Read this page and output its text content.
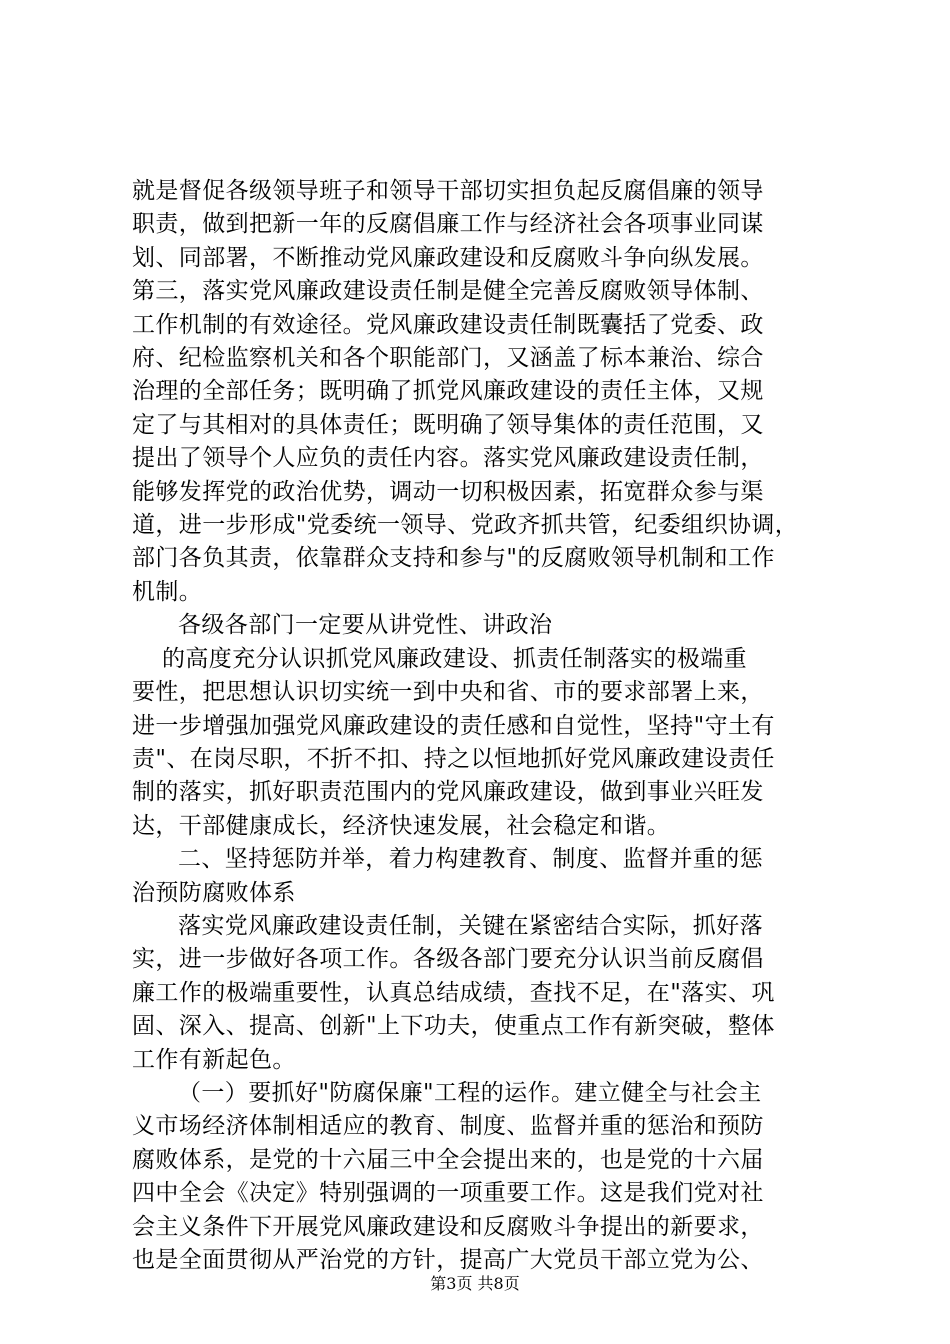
就是督促各级领导班子和领导干部切实担负起反腐倡廉的领导
职责，做到把新一年的反腐倡廉工作与经济社会各项事业同谋
划、同部署，不断推动党风廉政建设和反腐败斗争向纵发展。
第三，落实党风廉政建设责任制是健全完善反腐败领导体制、
工作机制的有效途径。党风廉政建设责任制既囊括了党委、政
府、纪检监察机关和各个职能部门，又涵盖了标本兼治、综合
治理的全部任务；既明确了抓党风廉政建设的责任主体，又规
定了与其相对的具体责任；既明确了领导集体的责任范围，又
提出了领导个人应负的责任内容。落实党风廉政建设责任制，
能够发挥党的政治优势，调动一切积极因素，拓宽群众参与渠
道，进一步形成"党委统一领导、党政齐抓共管，纪委组织协调，
部门各负其责，依靠群众支持和参与"的反腐败领导机制和工作
机制。
各级各部门一定要从讲党性、讲政治
的高度充分认识抓党风廉政建设、抓责任制落实的极端重
要性，把思想认识切实统一到中央和省、市的要求部署上来，
进一步增强加强党风廉政建设的责任感和自觉性，坚持"守土有
责"、在岗尽职，不折不扣、持之以恒地抓好党风廉政建设责任
制的落实，抓好职责范围内的党风廉政建设，做到事业兴旺发
达，干部健康成长，经济快速发展，社会稳定和谐。
二、坚持惩防并举，着力构建教育、制度、监督并重的惩
治预防腐败体系
落实党风廉政建设责任制，关键在紧密结合实际，抓好落
实，进一步做好各项工作。各级各部门要充分认识当前反腐倡
廉工作的极端重要性，认真总结成绩，查找不足，在"落实、巩
固、深入、提高、创新"上下功夫，使重点工作有新突破，整体
工作有新起色。
（一）要抓好"防腐保廉"工程的运作。建立健全与社会主
义市场经济体制相适应的教育、制度、监督并重的惩治和预防
腐败体系，是党的十六届三中全会提出来的，也是党的十六届
四中全会《决定》特别强调的一项重要工作。这是我们党对社
会主义条件下开展党风廉政建设和反腐败斗争提出的新要求，
也是全面贯彻从严治党的方针，提高广大党员干部立党为公、
第3页 共8页
